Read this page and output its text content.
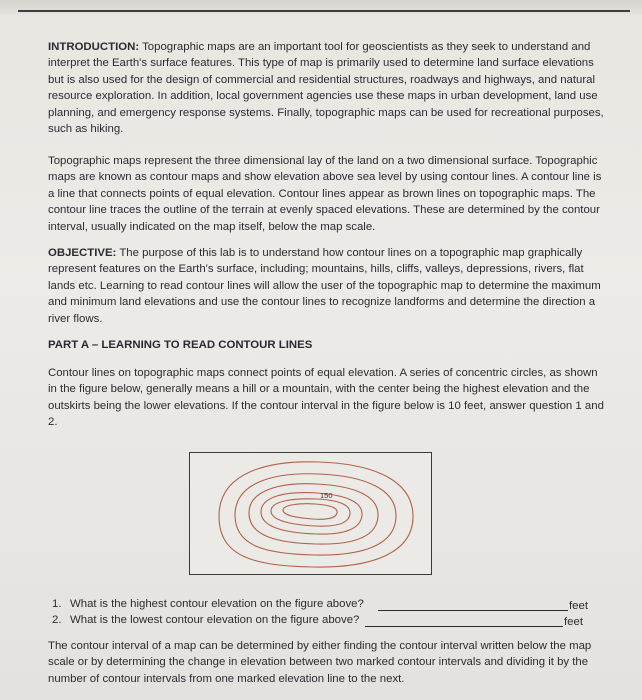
INTRODUCTION: Topographic maps are an important tool for geoscientists as they seek to understand and interpret the Earth's surface features. This type of map is primarily used to determine land surface elevations but is also used for the design of commercial and residential structures, roadways and highways, and natural resource exploration. In addition, local government agencies use these maps in urban development, land use planning, and emergency response systems. Finally, topographic maps can be used for recreational purposes, such as hiking.

Topographic maps represent the three dimensional lay of the land on a two dimensional surface. Topographic maps are known as contour maps and show elevation above sea level by using contour lines. A contour line is a line that connects points of equal elevation. Contour lines appear as brown lines on topographic maps. The contour line traces the outline of the terrain at evenly spaced elevations. These are determined by the contour interval, usually indicated on the map itself, below the map scale.

OBJECTIVE: The purpose of this lab is to understand how contour lines on a topographic map graphically represent features on the Earth's surface, including; mountains, hills, cliffs, valleys, depressions, rivers, flat lands etc. Learning to read contour lines will allow the user of the topographic map to determine the maximum and minimum land elevations and use the contour lines to recognize landforms and determine the direction a river flows.

PART A – LEARNING TO READ CONTOUR LINES

Contour lines on topographic maps connect points of equal elevation. A series of concentric circles, as shown in the figure below, generally means a hill or a mountain, with the center being the highest elevation and the outskirts being the lower elevations. If the contour interval in the figure below is 10 feet, answer question 1 and 2.

150
1. What is the highest contour elevation on the figure above?	feet
2. What is the lowest contour elevation on the figure above?	feet

The contour interval of a map can be determined by either finding the contour interval written below the map scale or by determining the change in elevation between two marked contour intervals and dividing it by the number of contour intervals from one marked elevation line to the next.
